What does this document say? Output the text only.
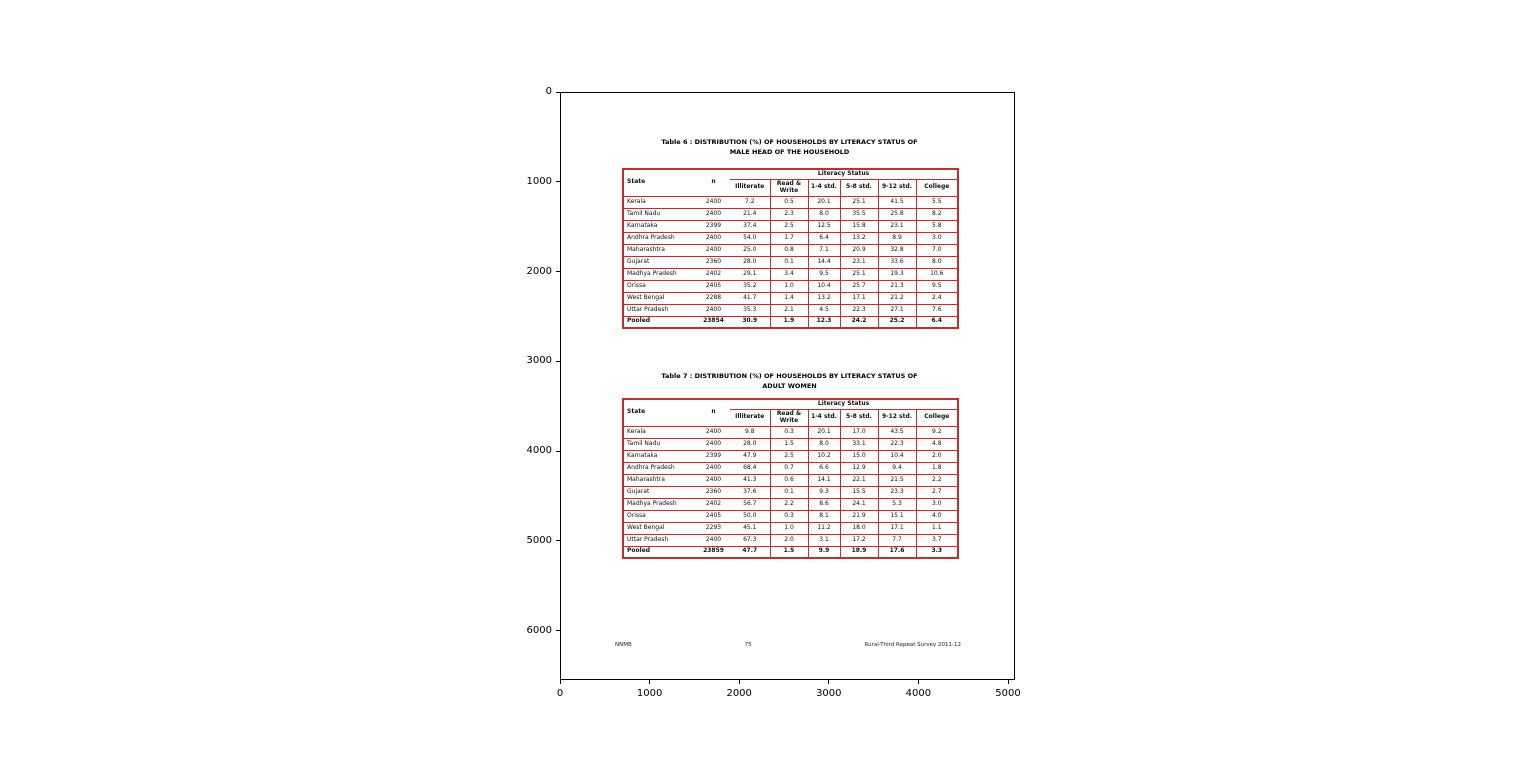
Table 6 : DISTRIBUTION (%) OF HOUSEHOLDS BY LITERACY STATUS OF
MALE HEAD OF THE HOUSEHOLD
State	n	Literacy Status					
		Illiterate	Read & Write	1-4 std.	5-8 std.	9-12 std.	College
Kerala	2400	7.2	0.5	20.1	25.1	41.5	5.5
Tamil Nadu	2400	21.4	2.3	8.0	35.5	25.8	8.2
Karnataka	2399	37.4	2.5	12.5	15.8	23.1	5.8
Andhra Pradesh	2400	54.0	1.7	6.4	13.2	8.9	3.0
Maharashtra	2400	25.0	0.8	7.1	20.9	32.8	7.0
Gujarat	2360	28.0	0.1	14.4	23.1	33.6	8.0
Madhya Pradesh	2402	29.1	3.4	9.5	25.1	19.3	10.6
Orissa	2405	35.2	1.0	10.4	25.7	21.3	9.5
West Bengal	2288	41.7	1.4	13.2	17.1	21.2	2.4
Uttar Pradesh	2400	35.3	2.1	4.5	22.3	27.1	7.6
Pooled	23854	30.9	1.9	12.3	24.2	25.2	6.4
Table 7 : DISTRIBUTION (%) OF HOUSEHOLDS BY LITERACY STATUS OF
ADULT WOMEN
State	n	Literacy Status					
		Illiterate	Read & Write	1-4 std.	5-8 std.	9-12 std.	College
Kerala	2400	9.8	0.3	20.1	17.0	43.5	9.2
Tamil Nadu	2400	28.0	1.5	8.0	33.1	22.3	4.8
Karnataka	2399	47.9	2.5	10.2	15.0	10.4	2.0
Andhra Pradesh	2400	68.4	0.7	6.6	12.9	9.4	1.8
Maharashtra	2400	41.3	0.6	14.1	22.1	21.5	2.2
Gujarat	2360	37.6	0.1	9.3	15.5	23.3	2.7
Madhya Pradesh	2402	56.7	2.2	8.6	24.1	5.3	3.0
Orissa	2405	50.0	0.3	8.1	21.9	15.1	4.0
West Bengal	2293	45.1	1.0	11.2	18.0	17.1	1.1
Uttar Pradesh	2400	67.3	2.0	3.1	17.2	7.7	3.7
Pooled	23859	47.7	1.5	9.9	18.9	17.6	3.3
NNMB	75	Rural-Third Repeat Survey 2011-12
0	1000	2000	3000	4000	5000
0
1000
2000
3000
4000
5000
6000
